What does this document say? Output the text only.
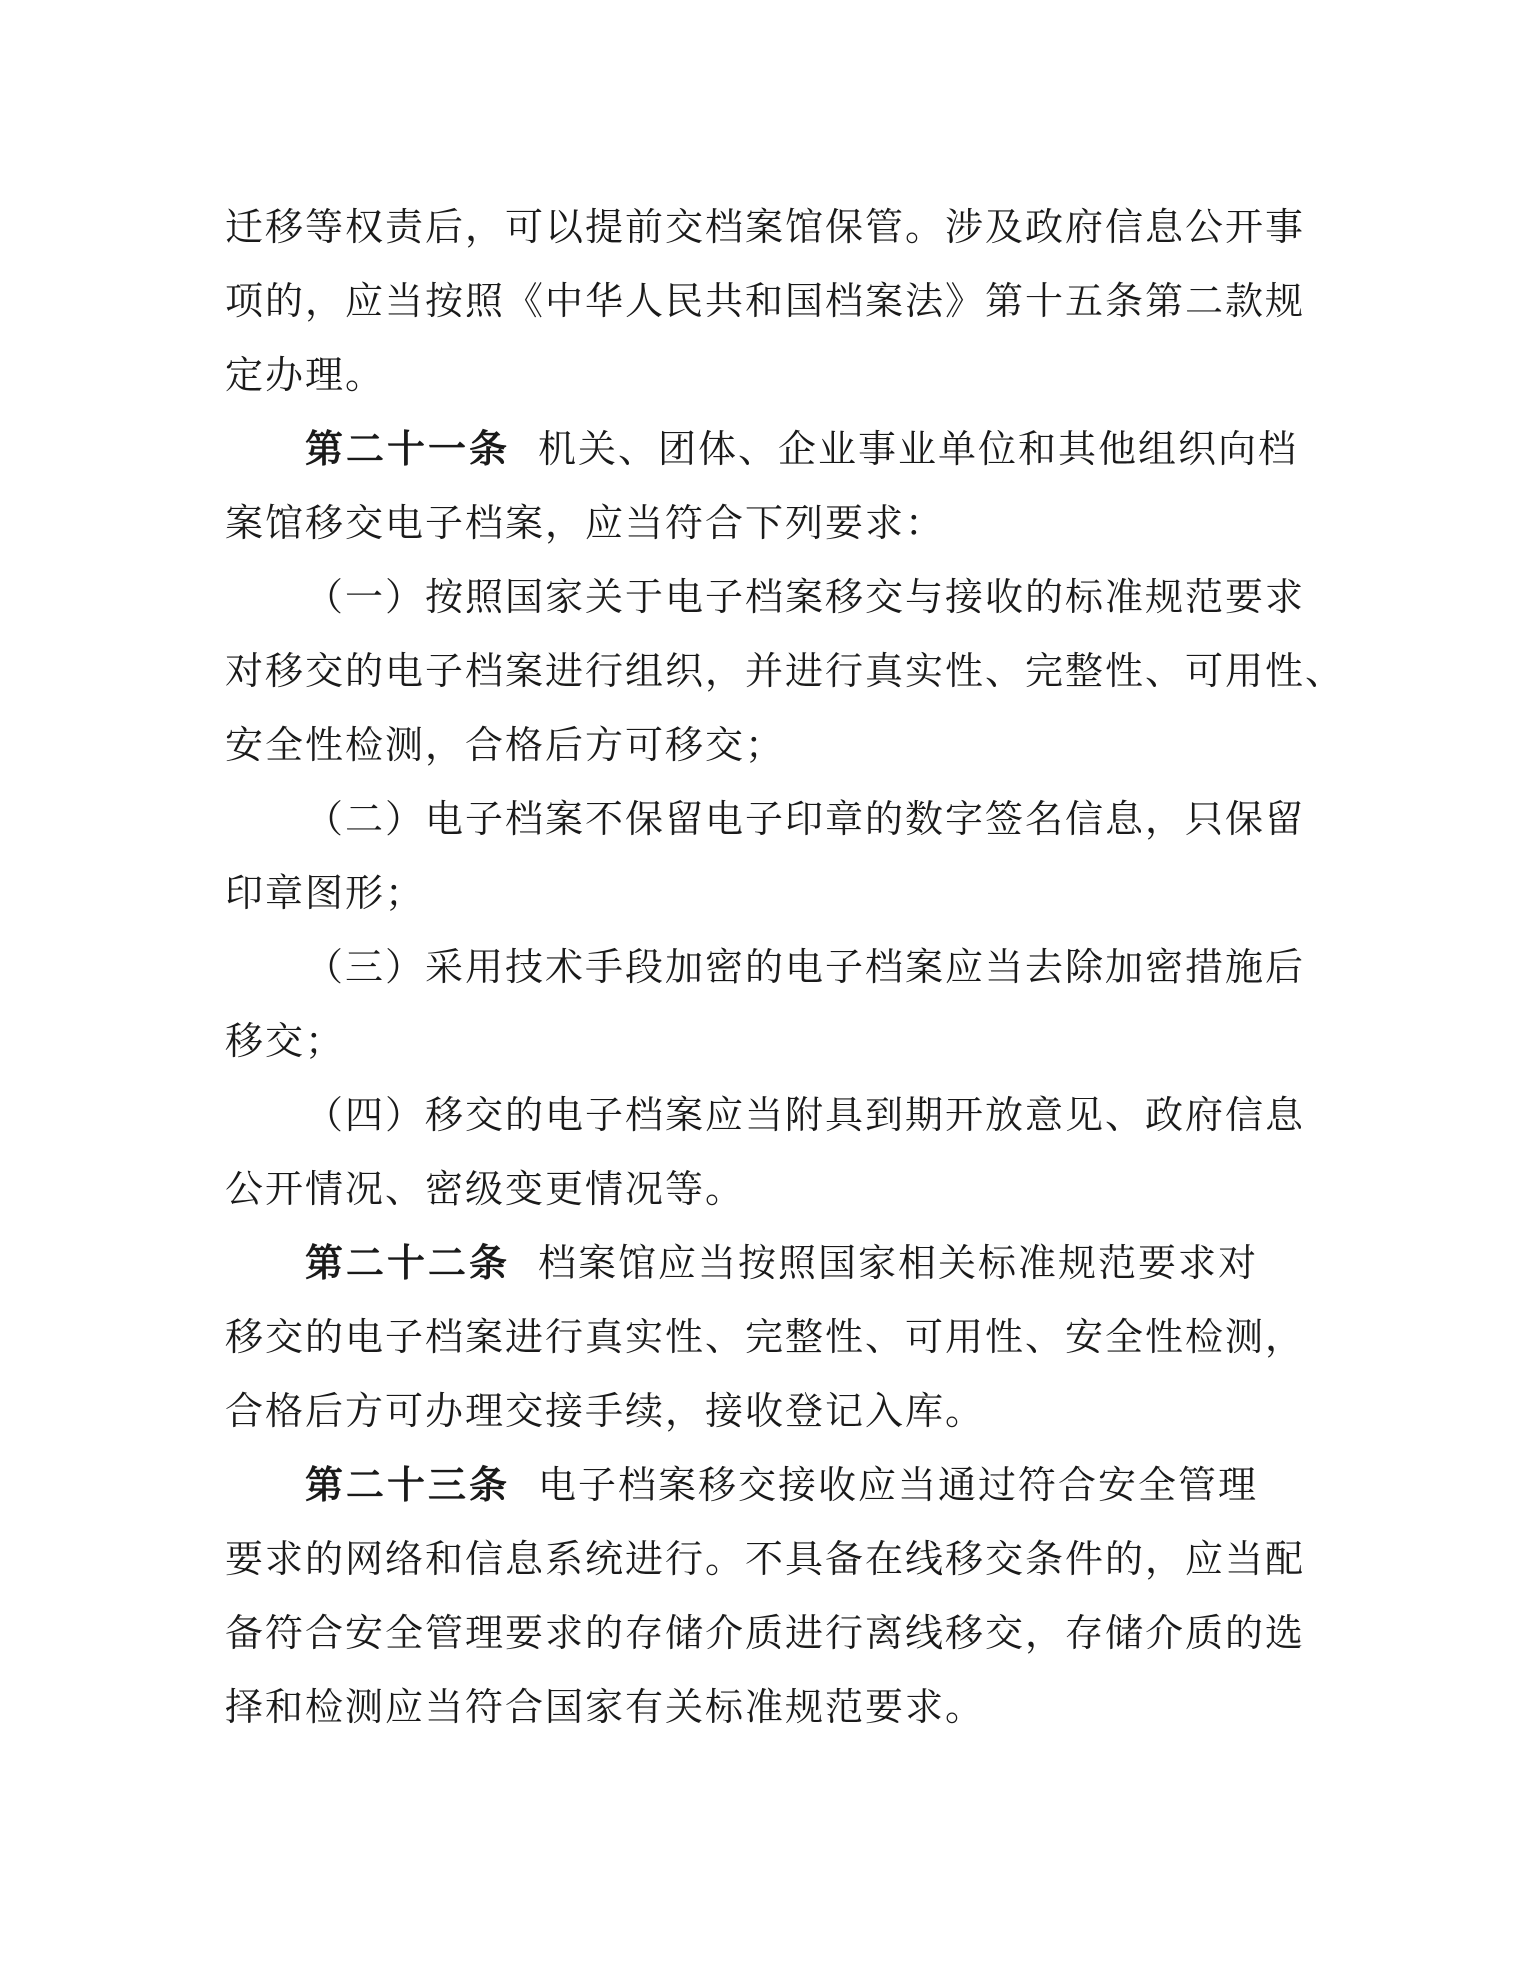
迁移等权责后，可以提前交档案馆保管。涉及政府信息公开事
项的，应当按照《中华人民共和国档案法》第十五条第二款规
定办理。
第二十一条 机关、团体、企业事业单位和其他组织向档
案馆移交电子档案，应当符合下列要求：
（一）按照国家关于电子档案移交与接收的标准规范要求
对移交的电子档案进行组织，并进行真实性、完整性、可用性、
安全性检测，合格后方可移交；
（二）电子档案不保留电子印章的数字签名信息，只保留
印章图形；
（三）采用技术手段加密的电子档案应当去除加密措施后
移交；
（四）移交的电子档案应当附具到期开放意见、政府信息
公开情况、密级变更情况等。
第二十二条 档案馆应当按照国家相关标准规范要求对
移交的电子档案进行真实性、完整性、可用性、安全性检测，
合格后方可办理交接手续，接收登记入库。
第二十三条 电子档案移交接收应当通过符合安全管理
要求的网络和信息系统进行。不具备在线移交条件的，应当配
备符合安全管理要求的存储介质进行离线移交，存储介质的选
择和检测应当符合国家有关标准规范要求。
